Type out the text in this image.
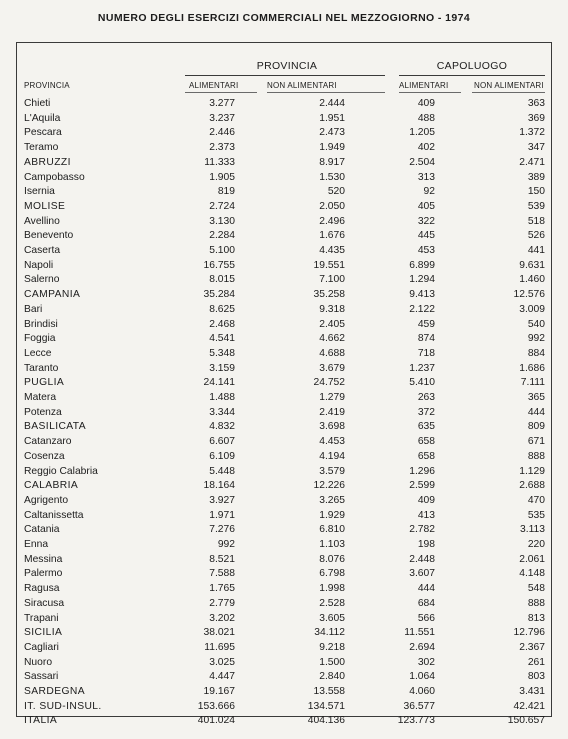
NUMERO DEGLI ESERCIZI COMMERCIALI NEL MEZZOGIORNO - 1974
PROVINCIA	CAPOLUOGO
PROVINCIA	ALIMENTARI	NON ALIMENTARI	ALIMENTARI	NON ALIMENTARI
Chieti	3.277	2.444	409	363
L'Aquila	3.237	1.951	488	369
Pescara	2.446	2.473	1.205	1.372
Teramo	2.373	1.949	402	347
ABRUZZI	11.333	8.917	2.504	2.471
Campobasso	1.905	1.530	313	389
Isernia	819	520	92	150
MOLISE	2.724	2.050	405	539
Avellino	3.130	2.496	322	518
Benevento	2.284	1.676	445	526
Caserta	5.100	4.435	453	441
Napoli	16.755	19.551	6.899	9.631
Salerno	8.015	7.100	1.294	1.460
CAMPANIA	35.284	35.258	9.413	12.576
Bari	8.625	9.318	2.122	3.009
Brindisi	2.468	2.405	459	540
Foggia	4.541	4.662	874	992
Lecce	5.348	4.688	718	884
Taranto	3.159	3.679	1.237	1.686
PUGLIA	24.141	24.752	5.410	7.111
Matera	1.488	1.279	263	365
Potenza	3.344	2.419	372	444
BASILICATA	4.832	3.698	635	809
Catanzaro	6.607	4.453	658	671
Cosenza	6.109	4.194	658	888
Reggio Calabria	5.448	3.579	1.296	1.129
CALABRIA	18.164	12.226	2.599	2.688
Agrigento	3.927	3.265	409	470
Caltanissetta	1.971	1.929	413	535
Catania	7.276	6.810	2.782	3.113
Enna	992	1.103	198	220
Messina	8.521	8.076	2.448	2.061
Palermo	7.588	6.798	3.607	4.148
Ragusa	1.765	1.998	444	548
Siracusa	2.779	2.528	684	888
Trapani	3.202	3.605	566	813
SICILIA	38.021	34.112	11.551	12.796
Cagliari	11.695	9.218	2.694	2.367
Nuoro	3.025	1.500	302	261
Sassari	4.447	2.840	1.064	803
SARDEGNA	19.167	13.558	4.060	3.431
IT. SUD-INSUL.	153.666	134.571	36.577	42.421
ITALIA	401.024	404.136	123.773	150.657
